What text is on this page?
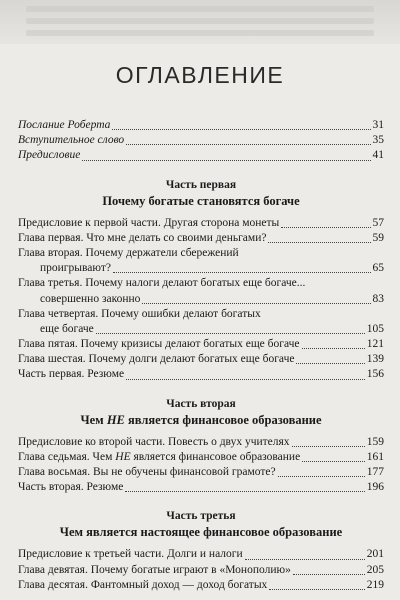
ОГЛАВЛЕНИЕ
Послание Роберта	31
Вступительное слово	35
Предисловие	41
Часть первая
Почему богатые становятся богаче
Предисловие к первой части. Другая сторона монеты	57
Глава первая. Что мне делать со своими деньгами?	59
Глава вторая. Почему держатели сбережений
проигрывают?	65
Глава третья. Почему налоги делают богатых еще богаче...
совершенно законно	83
Глава четвертая. Почему ошибки делают богатых
еще богаче	105
Глава пятая. Почему кризисы делают богатых еще богаче	121
Глава шестая. Почему долги делают богатых еще богаче	139
Часть первая. Резюме	156
Часть вторая
Чем НЕ является финансовое образование
Предисловие ко второй части. Повесть о двух учителях	159
Глава седьмая. Чем НЕ является финансовое образование	161
Глава восьмая. Вы не обучены финансовой грамоте?	177
Часть вторая. Резюме	196
Часть третья
Чем является настоящее финансовое образование
Предисловие к третьей части. Долги и налоги	201
Глава девятая. Почему богатые играют в «Монополию»	205
Глава десятая. Фантомный доход — доход богатых	219
